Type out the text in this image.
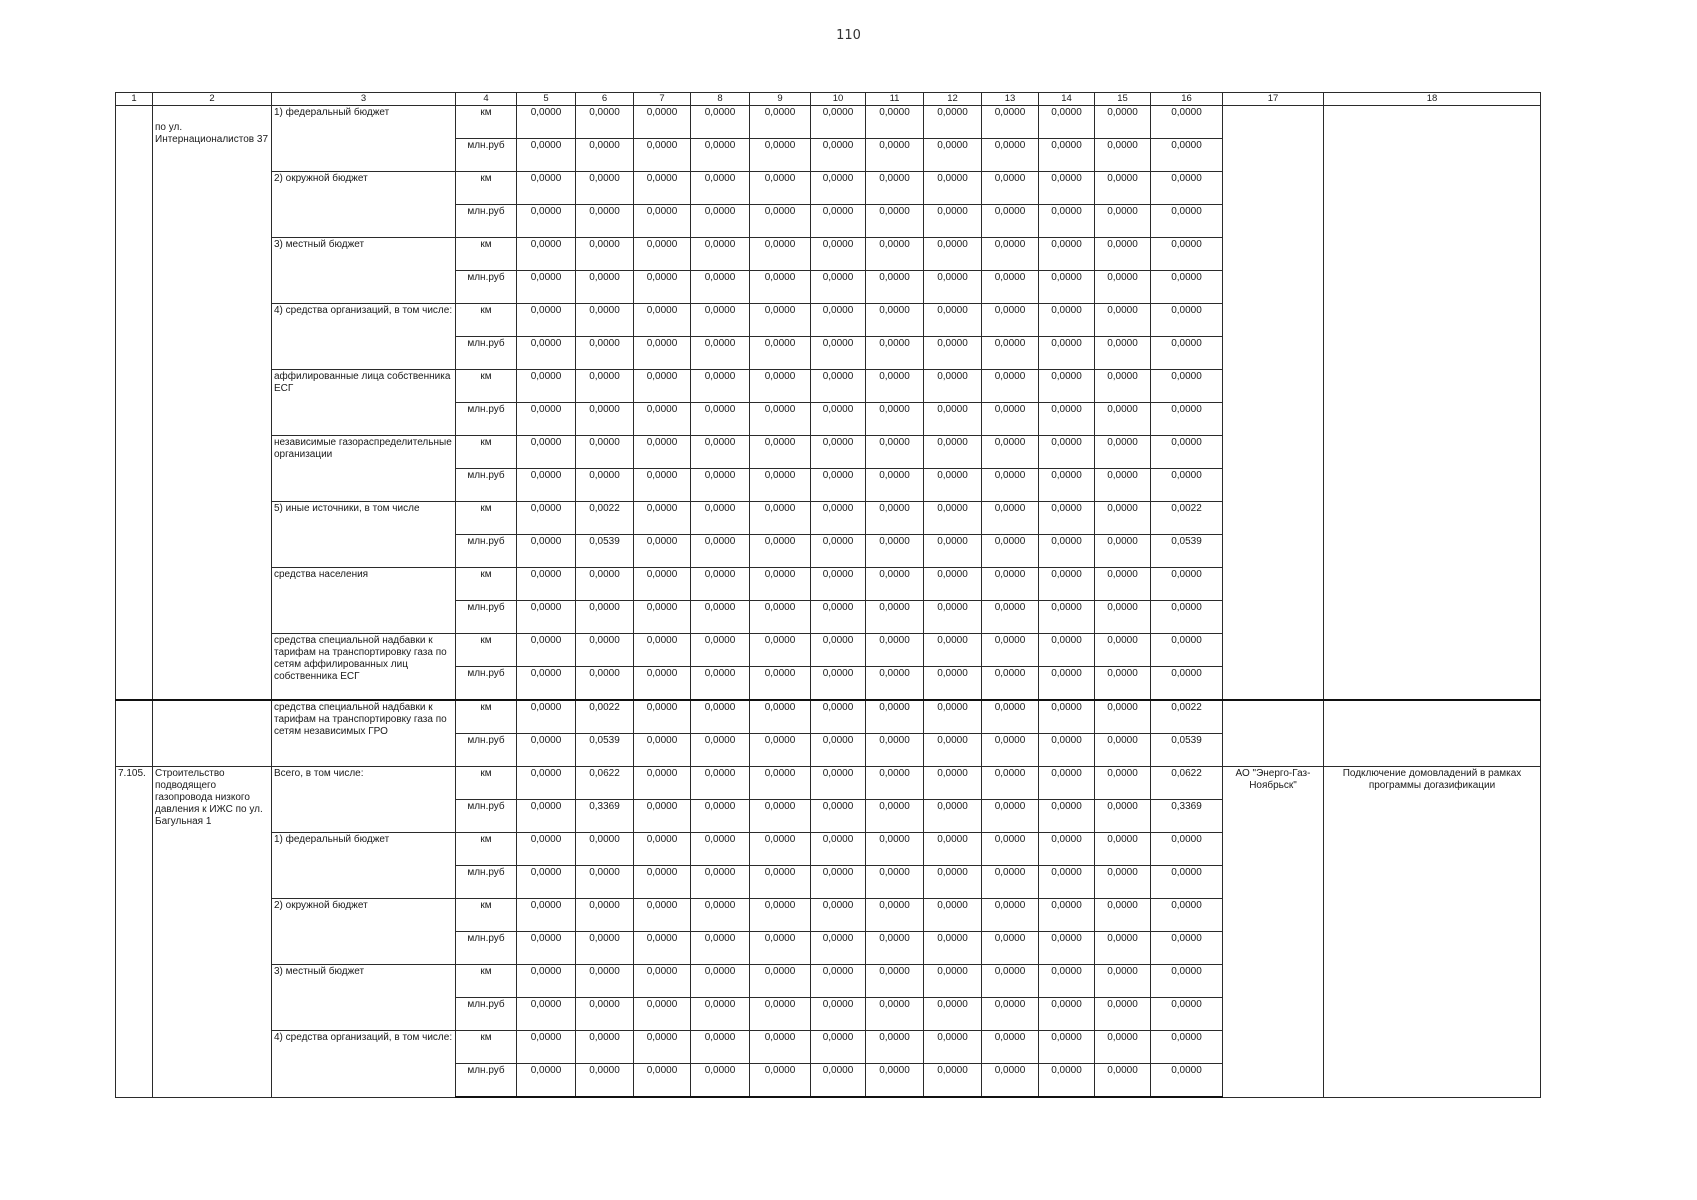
110
1	2	3	4	5	6	7	8	9	10	11	12	13	14	15	16	17	18
	по ул. Интернационалистов 37	1) федеральный бюджет	км	0,0000	0,0000	0,0000	0,0000	0,0000	0,0000	0,0000	0,0000	0,0000	0,0000	0,0000	0,0000		
			млн.руб	0,0000	0,0000	0,0000	0,0000	0,0000	0,0000	0,0000	0,0000	0,0000	0,0000	0,0000	0,0000		
		2) окружной бюджет	км	0,0000	0,0000	0,0000	0,0000	0,0000	0,0000	0,0000	0,0000	0,0000	0,0000	0,0000	0,0000		
			млн.руб	0,0000	0,0000	0,0000	0,0000	0,0000	0,0000	0,0000	0,0000	0,0000	0,0000	0,0000	0,0000		
		3) местный бюджет	км	0,0000	0,0000	0,0000	0,0000	0,0000	0,0000	0,0000	0,0000	0,0000	0,0000	0,0000	0,0000		
			млн.руб	0,0000	0,0000	0,0000	0,0000	0,0000	0,0000	0,0000	0,0000	0,0000	0,0000	0,0000	0,0000		
		4) средства организаций, в том числе:	км	0,0000	0,0000	0,0000	0,0000	0,0000	0,0000	0,0000	0,0000	0,0000	0,0000	0,0000	0,0000		
			млн.руб	0,0000	0,0000	0,0000	0,0000	0,0000	0,0000	0,0000	0,0000	0,0000	0,0000	0,0000	0,0000		
		аффилированные лица собственника ЕСГ	км	0,0000	0,0000	0,0000	0,0000	0,0000	0,0000	0,0000	0,0000	0,0000	0,0000	0,0000	0,0000		
			млн.руб	0,0000	0,0000	0,0000	0,0000	0,0000	0,0000	0,0000	0,0000	0,0000	0,0000	0,0000	0,0000		
		независимые газораспределительные организации	км	0,0000	0,0000	0,0000	0,0000	0,0000	0,0000	0,0000	0,0000	0,0000	0,0000	0,0000	0,0000		
			млн.руб	0,0000	0,0000	0,0000	0,0000	0,0000	0,0000	0,0000	0,0000	0,0000	0,0000	0,0000	0,0000		
		5) иные источники, в том числе	км	0,0000	0,0022	0,0000	0,0000	0,0000	0,0000	0,0000	0,0000	0,0000	0,0000	0,0000	0,0022		
			млн.руб	0,0000	0,0539	0,0000	0,0000	0,0000	0,0000	0,0000	0,0000	0,0000	0,0000	0,0000	0,0539		
		средства населения	км	0,0000	0,0000	0,0000	0,0000	0,0000	0,0000	0,0000	0,0000	0,0000	0,0000	0,0000	0,0000		
			млн.руб	0,0000	0,0000	0,0000	0,0000	0,0000	0,0000	0,0000	0,0000	0,0000	0,0000	0,0000	0,0000		
		средства специальной надбавки к тарифам на транспортировку газа по сетям аффилированных лиц собственника ЕСГ	км	0,0000	0,0000	0,0000	0,0000	0,0000	0,0000	0,0000	0,0000	0,0000	0,0000	0,0000	0,0000		
			млн.руб	0,0000	0,0000	0,0000	0,0000	0,0000	0,0000	0,0000	0,0000	0,0000	0,0000	0,0000	0,0000		
		средства специальной надбавки к тарифам на транспортировку газа по сетям независимых ГРО	км	0,0000	0,0022	0,0000	0,0000	0,0000	0,0000	0,0000	0,0000	0,0000	0,0000	0,0000	0,0022		
			млн.руб	0,0000	0,0539	0,0000	0,0000	0,0000	0,0000	0,0000	0,0000	0,0000	0,0000	0,0000	0,0539		
7.105.	Строительство подводящего газопровода низкого давления к ИЖС по ул. Багульная 1	Всего, в том числе:	км	0,0000	0,0622	0,0000	0,0000	0,0000	0,0000	0,0000	0,0000	0,0000	0,0000	0,0000	0,0622	АО "Энерго-Газ-Ноябрьск"	Подключение домовладений в рамках программы догазификации
			млн.руб	0,0000	0,3369	0,0000	0,0000	0,0000	0,0000	0,0000	0,0000	0,0000	0,0000	0,0000	0,3369		
		1) федеральный бюджет	км	0,0000	0,0000	0,0000	0,0000	0,0000	0,0000	0,0000	0,0000	0,0000	0,0000	0,0000	0,0000		
			млн.руб	0,0000	0,0000	0,0000	0,0000	0,0000	0,0000	0,0000	0,0000	0,0000	0,0000	0,0000	0,0000		
		2) окружной бюджет	км	0,0000	0,0000	0,0000	0,0000	0,0000	0,0000	0,0000	0,0000	0,0000	0,0000	0,0000	0,0000		
			млн.руб	0,0000	0,0000	0,0000	0,0000	0,0000	0,0000	0,0000	0,0000	0,0000	0,0000	0,0000	0,0000		
		3) местный бюджет	км	0,0000	0,0000	0,0000	0,0000	0,0000	0,0000	0,0000	0,0000	0,0000	0,0000	0,0000	0,0000		
			млн.руб	0,0000	0,0000	0,0000	0,0000	0,0000	0,0000	0,0000	0,0000	0,0000	0,0000	0,0000	0,0000		
		4) средства организаций, в том числе:	км	0,0000	0,0000	0,0000	0,0000	0,0000	0,0000	0,0000	0,0000	0,0000	0,0000	0,0000	0,0000		
			млн.руб	0,0000	0,0000	0,0000	0,0000	0,0000	0,0000	0,0000	0,0000	0,0000	0,0000	0,0000	0,0000		
